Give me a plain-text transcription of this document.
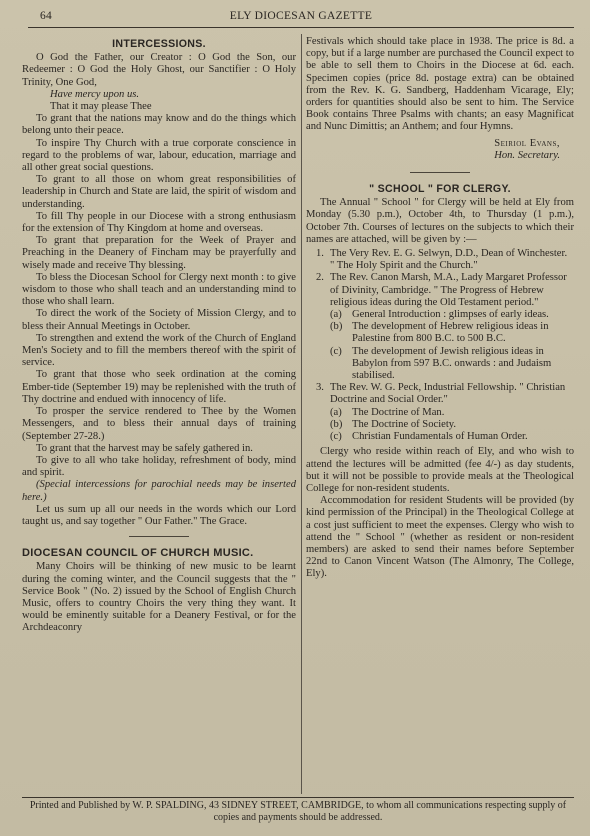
64	ELY DIOCESAN GAZETTE
INTERCESSIONS.

O God the Father, our Creator : O God the Son, our Redeemer : O God the Holy Ghost, our Sanctifier : O Holy Trinity, One God,

Have mercy upon us.

That it may please Thee

To grant that the nations may know and do the things which belong unto their peace.

To inspire Thy Church with a true corporate conscience in regard to the problems of war, labour, education, marriage and all other great social questions.

To grant to all those on whom great responsibilities of leadership in Church and State are laid, the spirit of wisdom and understanding.

To fill Thy people in our Diocese with a strong enthusiasm for the extension of Thy Kingdom at home and overseas.

To grant that preparation for the Week of Prayer and Preaching in the Deanery of Fincham may be prayerfully and wisely made and receive Thy blessing.

To bless the Diocesan School for Clergy next month : to give wisdom to those who shall teach and an understanding mind to those who shall learn.

To direct the work of the Society of Mission Clergy, and to bless their Annual Meetings in October.

To strengthen and extend the work of the Church of England Men's Society and to fill the members thereof with the spirit of service.

To grant that those who seek ordination at the coming Ember-tide (September 19) may be replenished with the truth of Thy doctrine and endued with innocency of life.

To prosper the service rendered to Thee by the Women Messengers, and to bless their annual days of training (September 27-28.)

To grant that the harvest may be safely gathered in.

To give to all who take holiday, refreshment of body, mind and spirit.

(Special intercessions for parochial needs may be inserted here.)

Let us sum up all our needs in the words which our Lord taught us, and say together " Our Father." The Grace.

DIOCESAN COUNCIL OF CHURCH MUSIC.

Many Choirs will be thinking of new music to be learnt during the coming winter, and the Council suggests that the " Service Book " (No. 2) issued by the School of English Church Music, offers to country Choirs the very thing they want. It would be eminently suitable for a Deanery Festival, or for the Archdeaconry

Festivals which should take place in 1938. The price is 8d. a copy, but if a large number are purchased the Council expect to be able to sell them to Choirs in the Diocese at 6d. each. Specimen copies (price 8d. postage extra) can be obtained from the Rev. K. G. Sandberg, Haddenham Vicarage, Ely; orders for quantities should also be sent to him. The Service Book contains Three Psalms with chants; an easy Magnificat and Nunc Dimittis; an Anthem; and four Hymns.

Seiriol Evans,
Hon. Secretary.
" SCHOOL " FOR CLERGY.

The Annual " School " for Clergy will be held at Ely from Monday (5.30 p.m.), October 4th, to Thursday (1 p.m.), October 7th. Courses of lectures on the subjects to which their names are attached, will be given by :—

1. The Very Rev. E. G. Selwyn, D.D., Dean of Winchester. " The Holy Spirit and the Church."
2. The Rev. Canon Marsh, M.A., Lady Margaret Professor of Divinity, Cambridge. " The Progress of Hebrew religious ideas during the Old Testament period."
(a) General Introduction : glimpses of early ideas.
(b) The development of Hebrew religious ideas in Palestine from 800 B.C. to 500 B.C.
(c) The development of Jewish religious ideas in Babylon from 597 B.C. onwards : and Judaism stabilised.
3. The Rev. W. G. Peck, Industrial Fellowship. " Christian Doctrine and Social Order."
(a) The Doctrine of Man.
(b) The Doctrine of Society.
(c) Christian Fundamentals of Human Order.

Clergy who reside within reach of Ely, and who wish to attend the lectures will be admitted (fee 4/-) as day students, but it will not be possible to provide meals at the Theological College for non-resident students.

Accommodation for resident Students will be provided (by kind permission of the Principal) in the Theological College at a cost just sufficient to meet the expenses. Clergy who wish to attend the " School " (whether as resident or non-resident members) are asked to send their names before September 22nd to Canon Vincent Watson (The Almonry, The College, Ely).

Printed and Published by W. P. SPALDING, 43 SIDNEY STREET, CAMBRIDGE, to whom all communications respecting supply of copies and payments should be addressed.
